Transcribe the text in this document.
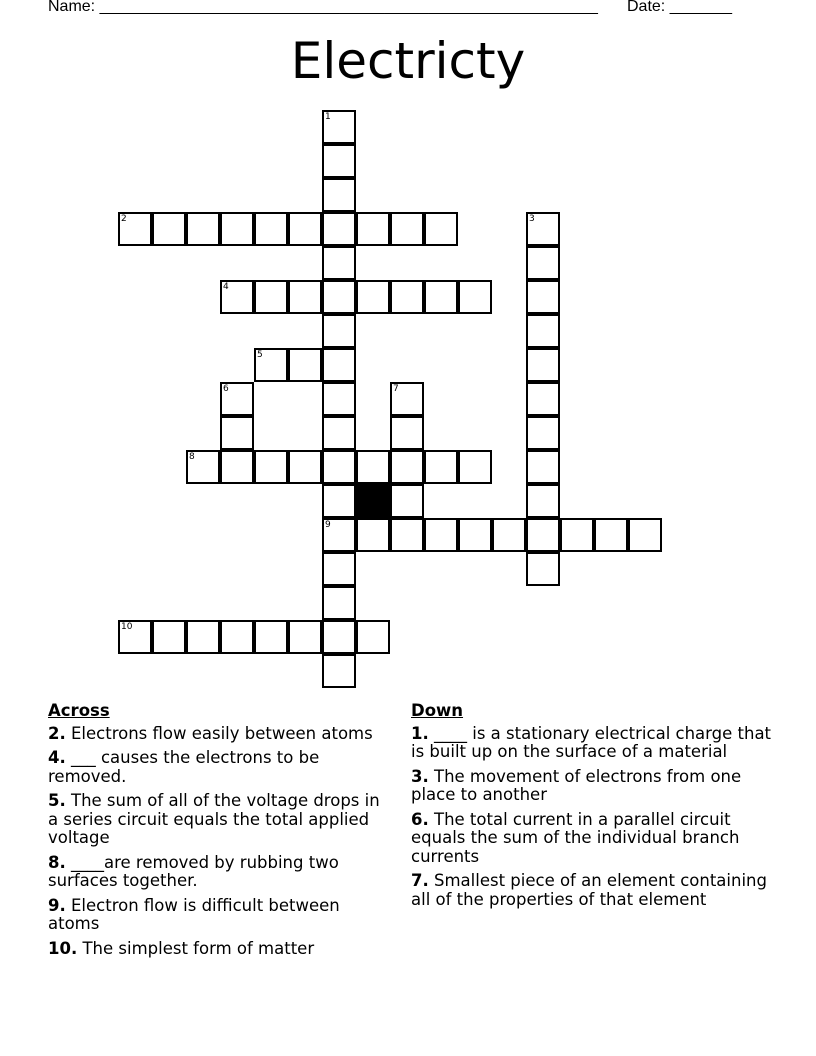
Name: ________________________________________________________ Date: _______
Electricty
1
2	3
4
5
6	7
8
9
10
Across
2. Electrons flow easily between atoms
4. ___ causes the electrons to be removed.
5. The sum of all of the voltage drops in a series circuit equals the total applied voltage
8. ____are removed by rubbing two surfaces together.
9. Electron flow is difficult between atoms
10. The simplest form of matter
Down
1. ____ is a stationary electrical charge that is built up on the surface of a material
3. The movement of electrons from one place to another
6. The total current in a parallel circuit equals the sum of the individual branch currents
7. Smallest piece of an element containing all of the properties of that element
